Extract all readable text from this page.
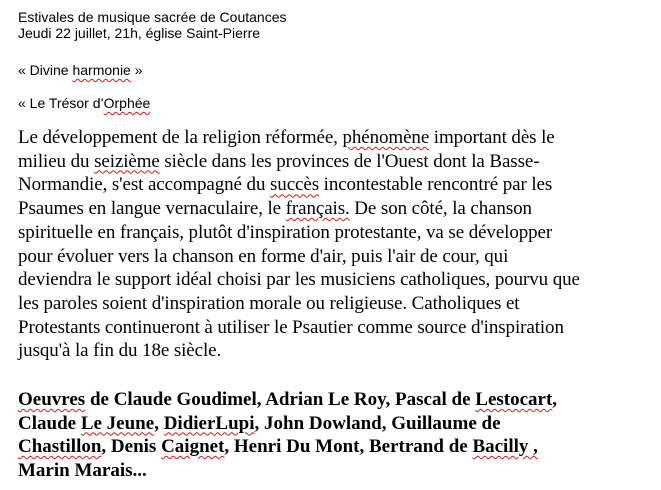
Estivales de musique sacrée de Coutances
Jeudi 22 juillet, 21h, église Saint-Pierre
« Divine harmonie »
« Le Trésor d’Orphée
Le développement de la religion réformée, phénomène important dès le
milieu du seizième siècle dans les provinces de l'Ouest dont la Basse-
Normandie, s'est accompagné du succès incontestable rencontré par les
Psaumes en langue vernaculaire, le français. De son côté, la chanson
spirituelle en français, plutôt d'inspiration protestante, va se développer
pour évoluer vers la chanson en forme d'air, puis l'air de cour, qui
deviendra le support idéal choisi par les musiciens catholiques, pourvu que
les paroles soient d'inspiration morale ou religieuse. Catholiques et
Protestants continueront à utiliser le Psautier comme source d'inspiration
jusqu'à la fin du 18e siècle.
Oeuvres de Claude Goudimel, Adrian Le Roy, Pascal de Lestocart,
Claude Le Jeune, DidierLupi, John Dowland, Guillaume de
Chastillon, Denis Caignet, Henri Du Mont, Bertrand de Bacilly ,
Marin Marais...
